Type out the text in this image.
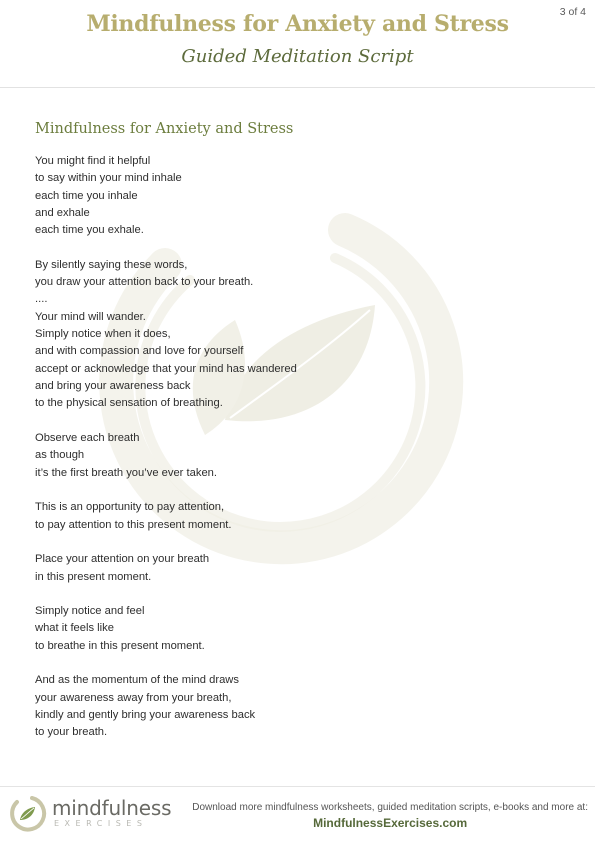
3 of 4
Mindfulness for Anxiety and Stress
Guided Meditation Script
Mindfulness for Anxiety and Stress
You might find it helpful
to say within your mind inhale
each time you inhale
and exhale
each time you exhale.
By silently saying these words,
you draw your attention back to your breath.
....
Your mind will wander.
Simply notice when it does,
and with compassion and love for yourself
accept or acknowledge that your mind has wandered
and bring your awareness back
to the physical sensation of breathing.
Observe each breath
as though
it’s the first breath you’ve ever taken.
This is an opportunity to pay attention,
to pay attention to this present moment.
Place your attention on your breath
in this present moment.
Simply notice and feel
what it feels like
to breathe in this present moment.
And as the momentum of the mind draws
your awareness away from your breath,
kindly and gently bring your awareness back
to your breath.
mindfulness
EXERCISES
Download more mindfulness worksheets, guided meditation scripts, e-books and more at:
MindfulnessExercises.com
